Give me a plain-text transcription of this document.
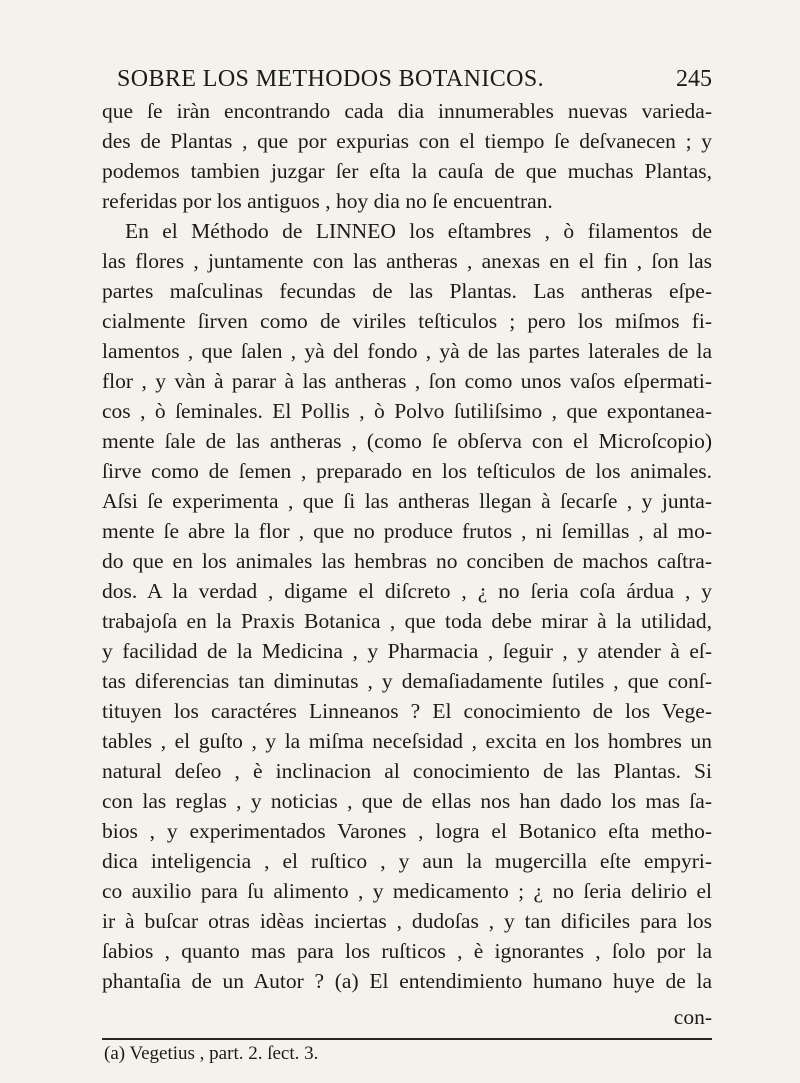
SOBRE LOS METHODOS BOTANICOS.	245
que ſe iràn encontrando cada dia innumerables nuevas varieda-
des de Plantas , que por expurias con el tiempo ſe deſvanecen ; y
podemos tambien juzgar ſer eſta la cauſa de que muchas Plantas,
referidas por los antiguos , hoy dia no ſe encuentran.
En el Méthodo de LINNEO los eſtambres , ò filamentos de
las flores , juntamente con las antheras , anexas en el fin , ſon las
partes maſculinas fecundas de las Plantas. Las antheras eſpe-
cialmente ſirven como de viriles teſticulos ; pero los miſmos fi-
lamentos , que ſalen , yà del fondo , yà de las partes laterales de la
flor , y vàn à parar à las antheras , ſon como unos vaſos eſpermati-
cos , ò ſeminales. El Pollis , ò Polvo ſutiliſsimo , que expontanea-
mente ſale de las antheras , (como ſe obſerva con el Microſcopio)
ſirve como de ſemen , preparado en los teſticulos de los animales.
Aſsi ſe experimenta , que ſi las antheras llegan à ſecarſe , y junta-
mente ſe abre la flor , que no produce frutos , ni ſemillas , al mo-
do que en los animales las hembras no conciben de machos caſtra-
dos. A la verdad , digame el diſcreto , ¿ no ſeria coſa árdua , y
trabajoſa en la Praxis Botanica , que toda debe mirar à la utilidad,
y facilidad de la Medicina , y Pharmacia , ſeguir , y atender à eſ-
tas diferencias tan diminutas , y demaſiadamente ſutiles , que conſ-
tituyen los caractéres Linneanos ? El conocimiento de los Vege-
tables , el guſto , y la miſma neceſsidad , excita en los hombres un
natural deſeo , è inclinacion al conocimiento de las Plantas. Si
con las reglas , y noticias , que de ellas nos han dado los mas ſa-
bios , y experimentados Varones , logra el Botanico eſta metho-
dica inteligencia , el ruſtico , y aun la mugercilla eſte empyri-
co auxilio para ſu alimento , y medicamento ; ¿ no ſeria delirio el
ir à buſcar otras idèas inciertas , dudoſas , y tan dificiles para los
ſabios , quanto mas para los ruſticos , è ignorantes , ſolo por la
phantaſia de un Autor ? (a) El entendimiento humano huye de la
con-
(a) Vegetius , part. 2. ſect. 3.
